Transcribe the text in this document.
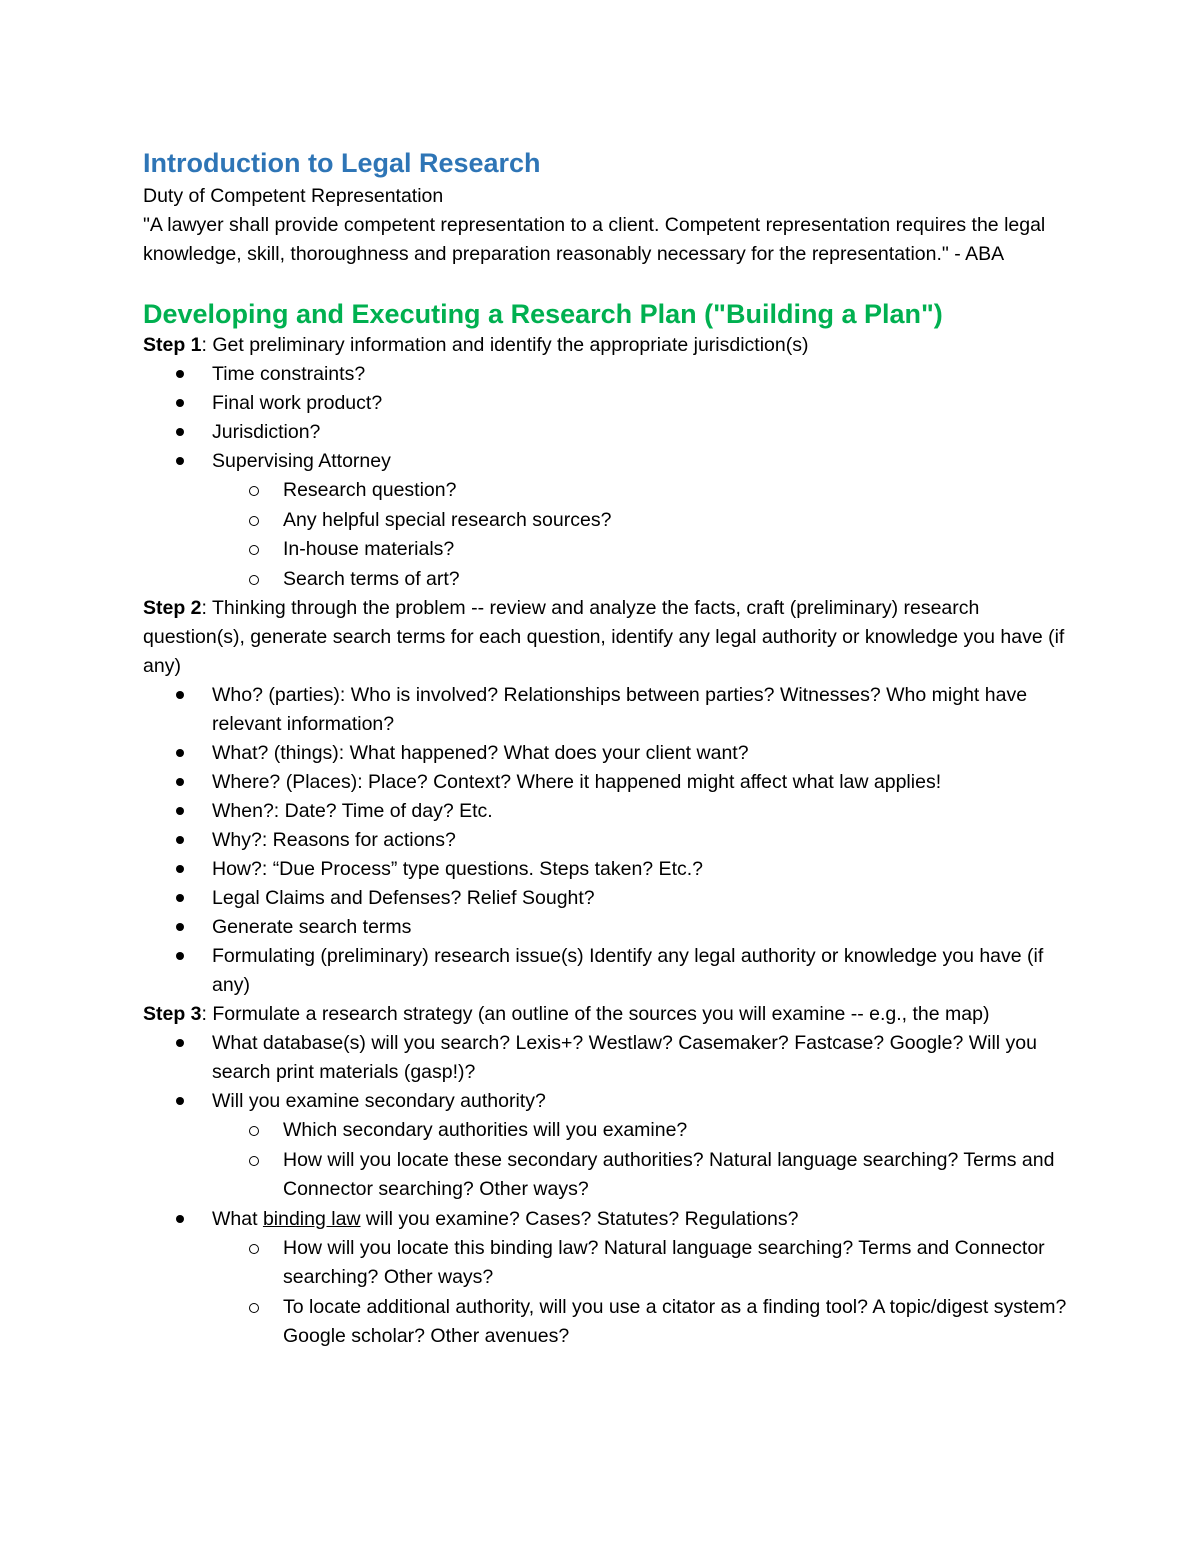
Introduction to Legal Research

Duty of Competent Representation

"A lawyer shall provide competent representation to a client. Competent representation requires the legal knowledge, skill, thoroughness and preparation reasonably necessary for the representation." - ABA

Developing and Executing a Research Plan ("Building a Plan")

Step 1: Get preliminary information and identify the appropriate jurisdiction(s)

Time constraints?
Final work product?
Jurisdiction?
Supervising Attorney
Research question?
Any helpful special research sources?
In-house materials?
Search terms of art?

Step 2: Thinking through the problem -- review and analyze the facts, craft (preliminary) research question(s), generate search terms for each question, identify any legal authority or knowledge you have (if any)

Who? (parties): Who is involved? Relationships between parties? Witnesses? Who might have relevant information?
What? (things): What happened? What does your client want?
Where? (Places): Place? Context? Where it happened might affect what law applies!
When?: Date? Time of day? Etc.
Why?: Reasons for actions?
How?: “Due Process” type questions. Steps taken? Etc.?
Legal Claims and Defenses? Relief Sought?
Generate search terms
Formulating (preliminary) research issue(s) Identify any legal authority or knowledge you have (if any)

Step 3: Formulate a research strategy (an outline of the sources you will examine -- e.g., the map)

What database(s) will you search? Lexis+? Westlaw? Casemaker? Fastcase? Google? Will you search print materials (gasp!)?
Will you examine secondary authority?
Which secondary authorities will you examine?
How will you locate these secondary authorities? Natural language searching? Terms and Connector searching? Other ways?
What binding law will you examine? Cases? Statutes? Regulations?
How will you locate this binding law? Natural language searching? Terms and Connector searching? Other ways?
To locate additional authority, will you use a citator as a finding tool? A topic/digest system? Google scholar? Other avenues?
